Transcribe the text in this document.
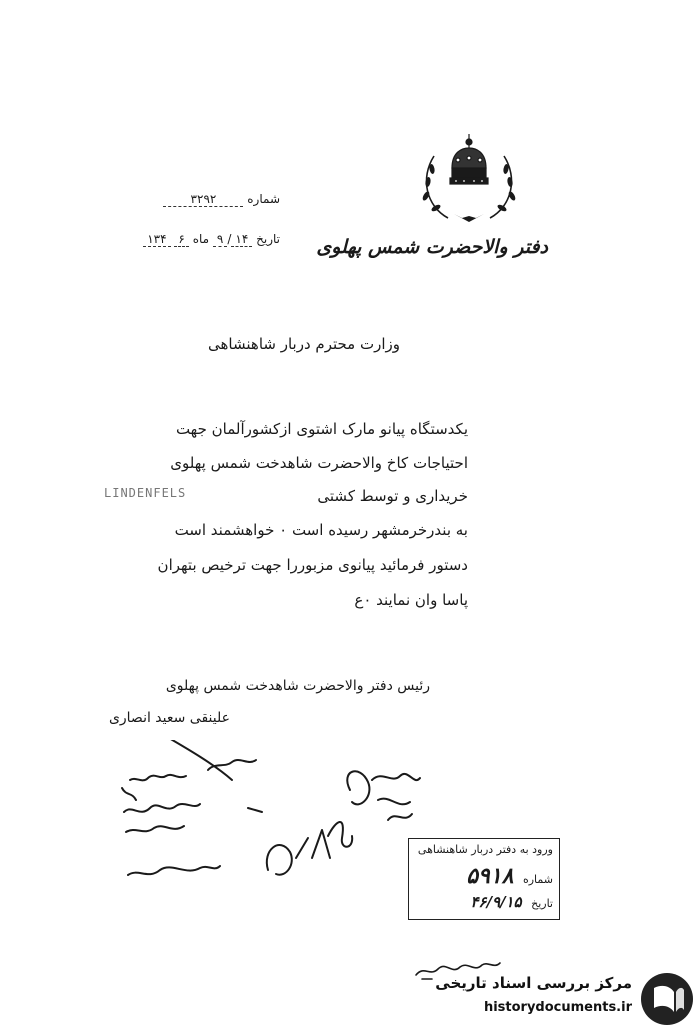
دفتر والاحضرت شمس پهلوی
شماره ۳۲۹۲
تاریخ ۱۴/۹ ماه ۶ ۱۳۴
وزارت محترم دربار شاهنشاهی
یکدستگاه پیانو مارک اشتوی ازکشورآلمان جهت
احتیاجات کاخ والاحضرت شاهدخت شمس پهلوی
خریداری و توسط کشتی
LINDENFELS
به بندرخرمشهر رسیده است ۰ خواهشمند است
دستور فرمائید پیانوی مزبوررا جهت ترخیص بتهران
پاسا وان نمایند ۰ع
رئیس دفتر والاحضرت شاهدخت شمس پهلوی
علینقی سعید انصاری
ورود به دفتر دربار شاهنشاهی
شماره ۵۹۱۸
تاریخ ۴۶/۹/۱۵
مرکز بررسی اسناد تاریخی
historydocuments.ir
